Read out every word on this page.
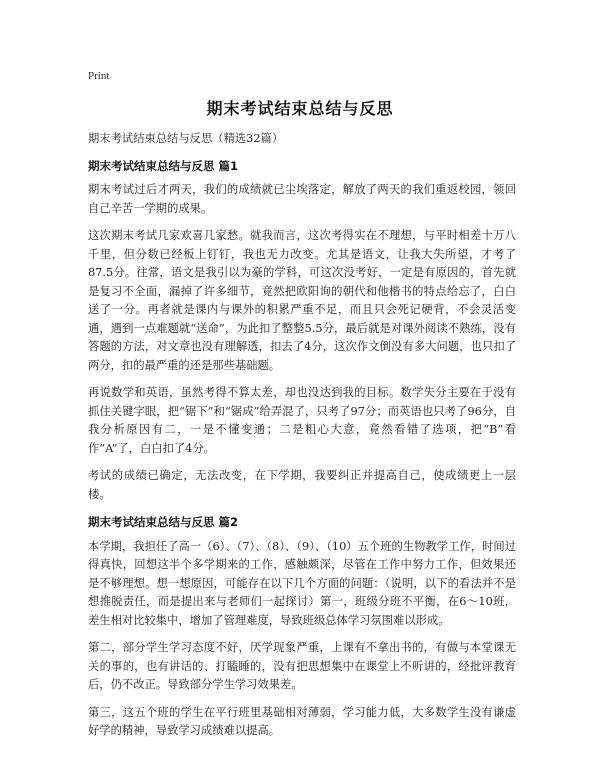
Print
期末考试结束总结与反思

期末考试结束总结与反思（精选32篇）

期末考试结束总结与反思 篇1

期末考试过后才两天，我们的成绩就已尘埃落定，解放了两天的我们重返校园，领回自己辛苦一学期的成果。

这次期末考试几家欢喜几家愁。就我而言，这次考得实在不理想，与平时相差十万八千里，但分数已经板上钉钉，我也无力改变。尤其是语文，让我大失所望，才考了87.5分。往常，语文是我引以为豪的学科，可这次没考好，一定是有原因的，首先就是复习不全面，漏掉了许多细节，竟然把欧阳询的朝代和他楷书的特点给忘了，白白送了一分。再者就是课内与课外的积累严重不足，而且只会死记硬背，不会灵活变通，遇到一点难题就“送命”，为此扣了整整5.5分，最后就是对课外阅读不熟练，没有答题的方法，对文章也没有理解透，扣去了4分，这次作文倒没有多大问题，也只扣了两分，扣的最严重的还是那些基础题。

再说数学和英语，虽然考得不算太差，却也没达到我的目标。数学失分主要在于没有抓住关键字眼，把“锯下”和“锯成”给弄混了，只考了97分；而英语也只考了96分，自我分析原因有二，一是不懂变通；二是粗心大意，竟然看错了选项，把“B”看作“A”了，白白扣了4分。

考试的成绩已确定，无法改变，在下学期，我要纠正并提高自己，使成绩更上一层楼。

期末考试结束总结与反思 篇2

本学期，我担任了高一（6）、（7）、（8）、（9）、（10）五个班的生物教学工作，时间过得真快，回想这半个多学期来的工作，感触颇深，尽管在工作中努力工作，但效果还是不够理想。想一想原因，可能存在以下几个方面的问题：（说明，以下的看法并不是想推脱责任，而是提出来与老师们一起探讨）第一，班级分班不平衡，在6～10班，差生相对比较集中，增加了管理难度，导致班级总体学习氛围难以形成。

第二，部分学生学习态度不好，厌学现象严重，上课有不拿出书的，有做与本堂课无关的事的，也有讲话的、打瞌睡的，没有把思想集中在课堂上不听讲的，经批评教育后，仍不改正。导致部分学生学习效果差。

第三，这五个班的学生在平行班里基础相对薄弱，学习能力低，大多数学生没有谦虚好学的精神，导致学习成绩难以提高。
